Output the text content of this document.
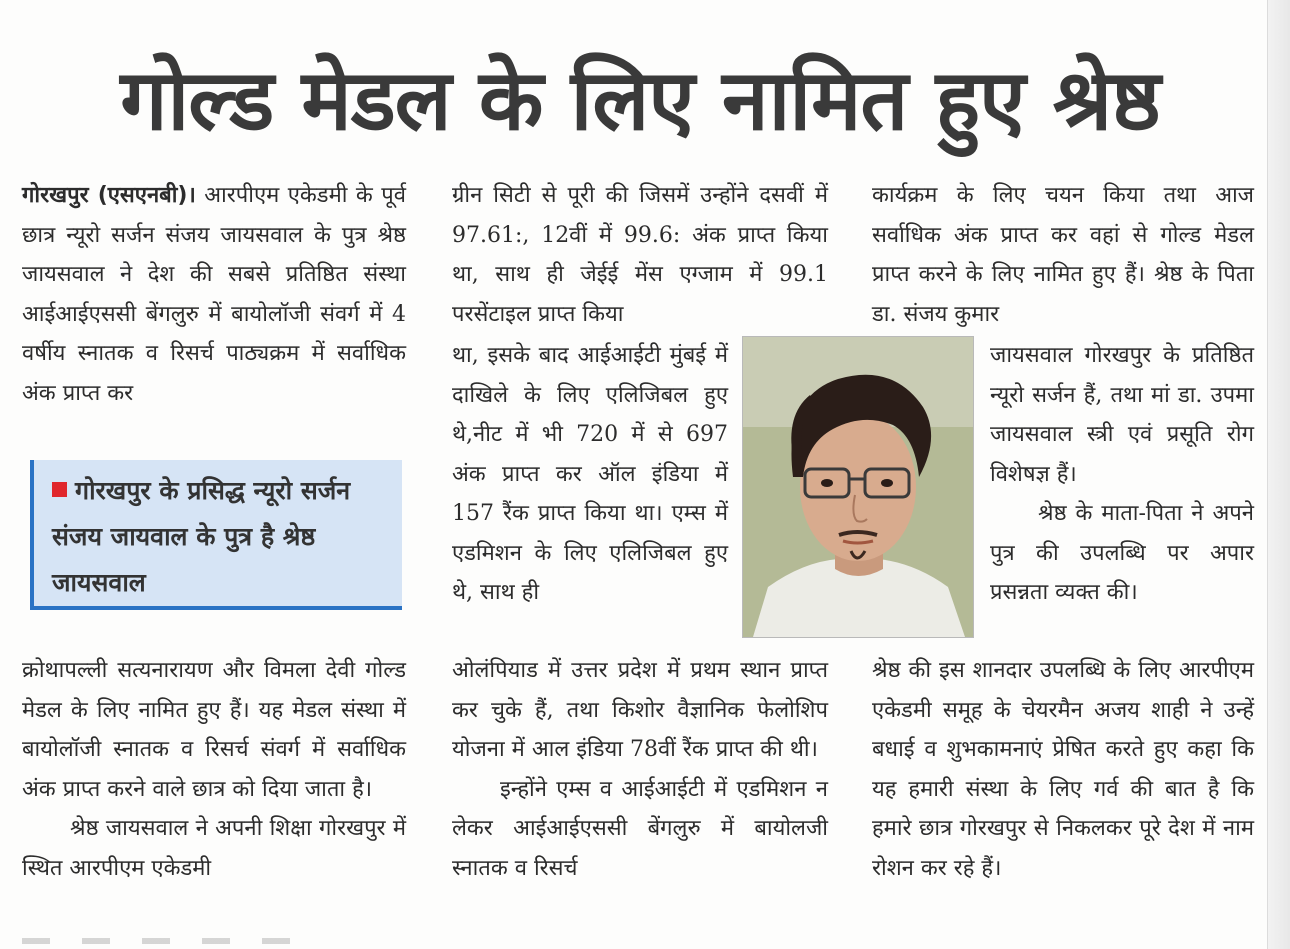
गोल्ड मेडल के लिए नामित हुए श्रेष्ठ

गोरखपुर (एसएनबी)। आरपीएम एकेडमी के पूर्व छात्र न्यूरो सर्जन संजय जायसवाल के पुत्र श्रेष्ठ जायसवाल ने देश की सबसे प्रतिष्ठित संस्था आईआईएससी बेंगलुरु में बायोलॉजी संवर्ग में 4 वर्षीय स्नातक व रिसर्च पाठ्यक्रम में सर्वाधिक अंक प्राप्त कर

गोरखपुर के प्रसिद्ध न्यूरो सर्जन संजय जायवाल के पुत्र है श्रेष्ठ जायसवाल

क्रोथापल्ली सत्यनारायण और विमला देवी गोल्ड मेडल के लिए नामित हुए हैं। यह मेडल संस्था में बायोलॉजी स्नातक व रिसर्च संवर्ग में सर्वाधिक अंक प्राप्त करने वाले छात्र को दिया जाता है।

श्रेष्ठ जायसवाल ने अपनी शिक्षा गोरखपुर में स्थित आरपीएम एकेडमी

ग्रीन सिटी से पूरी की जिसमें उन्होंने दसवीं में 97.61:, 12वीं में 99.6: अंक प्राप्त किया था, साथ ही जेईई मेंस एग्जाम में 99.1 परसेंटाइल प्राप्त किया

था, इसके बाद आईआईटी मुंबई में दाखिले के लिए एलिजिबल हुए थे,नीट में भी 720 में से 697 अंक प्राप्त कर ऑल इंडिया में 157 रैंक प्राप्त किया था। एम्स में एडमिशन के लिए एलिजिबल हुए थे, साथ ही

ओलंपियाड में उत्तर प्रदेश में प्रथम स्थान प्राप्त कर चुके हैं, तथा किशोर वैज्ञानिक फेलोशिप योजना में आल इंडिया 78वीं रैंक प्राप्त की थी।

इन्होंने एम्स व आईआईटी में एडमिशन न लेकर आईआईएससी बेंगलुरु में बायोलजी स्नातक व रिसर्च

कार्यक्रम के लिए चयन किया तथा आज सर्वाधिक अंक प्राप्त कर वहां से गोल्ड मेडल प्राप्त करने के लिए नामित हुए हैं। श्रेष्ठ के पिता डा. संजय कुमार

जायसवाल गोरखपुर के प्रतिष्ठित न्यूरो सर्जन हैं, तथा मां डा. उपमा जायसवाल स्त्री एवं प्रसूति रोग विशेषज्ञ हैं।

श्रेष्ठ के माता-पिता ने अपने पुत्र की उपलब्धि पर अपार प्रसन्नता व्यक्त की।

श्रेष्ठ की इस शानदार उपलब्धि के लिए आरपीएम एकेडमी समूह के चेयरमैन अजय शाही ने उन्हें बधाई व शुभकामनाएं प्रेषित करते हुए कहा कि यह हमारी संस्था के लिए गर्व की बात है कि हमारे छात्र गोरखपुर से निकलकर पूरे देश में नाम रोशन कर रहे हैं।
